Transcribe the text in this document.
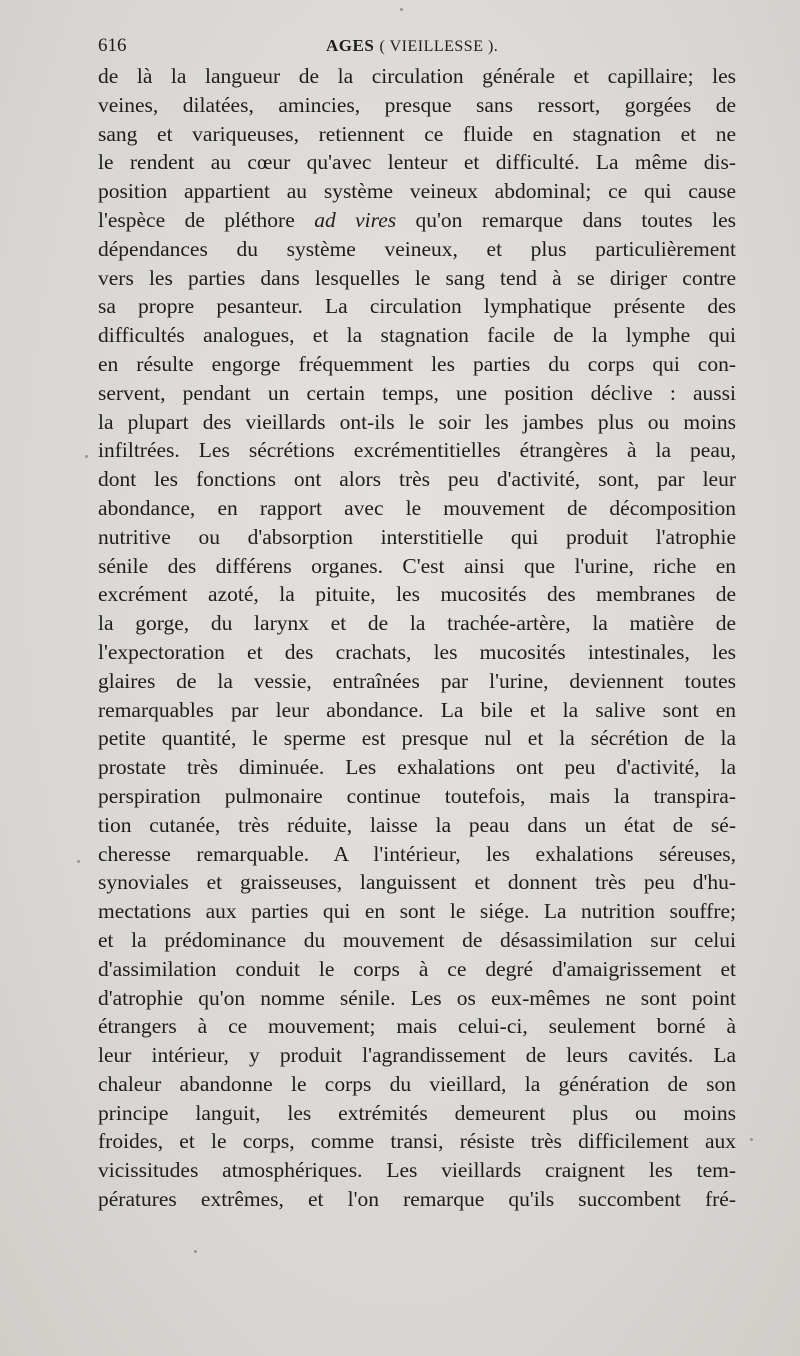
616	AGES ( VIEILLESSE ).
de là la langueur de la circulation générale et capillaire; les
veines, dilatées, amincies, presque sans ressort, gorgées de
sang et variqueuses, retiennent ce fluide en stagnation et ne
le rendent au cœur qu'avec lenteur et difficulté. La même dis-
position appartient au système veineux abdominal; ce qui cause
l'espèce de pléthore ad vires qu'on remarque dans toutes les
dépendances du système veineux, et plus particulièrement
vers les parties dans lesquelles le sang tend à se diriger contre
sa propre pesanteur. La circulation lymphatique présente des
difficultés analogues, et la stagnation facile de la lymphe qui
en résulte engorge fréquemment les parties du corps qui con-
servent, pendant un certain temps, une position déclive : aussi
la plupart des vieillards ont-ils le soir les jambes plus ou moins
infiltrées. Les sécrétions excrémentitielles étrangères à la peau,
dont les fonctions ont alors très peu d'activité, sont, par leur
abondance, en rapport avec le mouvement de décomposition
nutritive ou d'absorption interstitielle qui produit l'atrophie
sénile des différens organes. C'est ainsi que l'urine, riche en
excrément azoté, la pituite, les mucosités des membranes de
la gorge, du larynx et de la trachée-artère, la matière de
l'expectoration et des crachats, les mucosités intestinales, les
glaires de la vessie, entraînées par l'urine, deviennent toutes
remarquables par leur abondance. La bile et la salive sont en
petite quantité, le sperme est presque nul et la sécrétion de la
prostate très diminuée. Les exhalations ont peu d'activité, la
perspiration pulmonaire continue toutefois, mais la transpira-
tion cutanée, très réduite, laisse la peau dans un état de sé-
cheresse remarquable. A l'intérieur, les exhalations séreuses,
synoviales et graisseuses, languissent et donnent très peu d'hu-
mectations aux parties qui en sont le siége. La nutrition souffre;
et la prédominance du mouvement de désassimilation sur celui
d'assimilation conduit le corps à ce degré d'amaigrissement et
d'atrophie qu'on nomme sénile. Les os eux-mêmes ne sont point
étrangers à ce mouvement; mais celui-ci, seulement borné à
leur intérieur, y produit l'agrandissement de leurs cavités. La
chaleur abandonne le corps du vieillard, la génération de son
principe languit, les extrémités demeurent plus ou moins
froides, et le corps, comme transi, résiste très difficilement aux
vicissitudes atmosphériques. Les vieillards craignent les tem-
pératures extrêmes, et l'on remarque qu'ils succombent fré-
